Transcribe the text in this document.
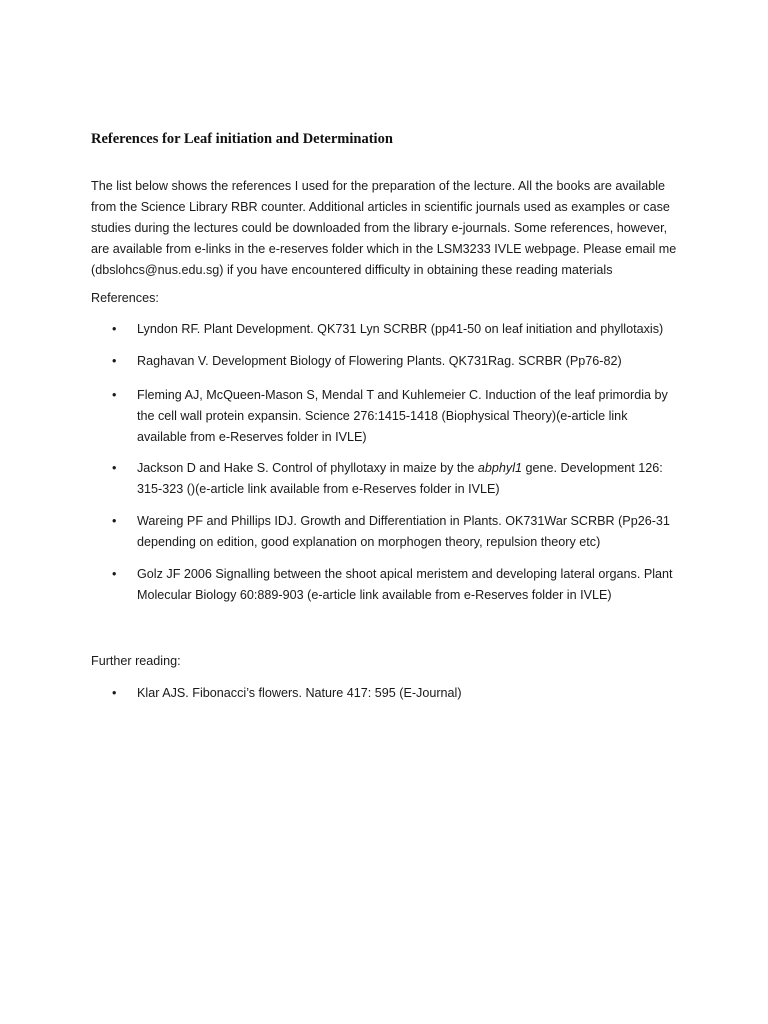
References for Leaf initiation and Determination
The list below shows the references I used for the preparation of the lecture. All the books are available
from the Science Library RBR counter. Additional articles in scientific journals used as examples or case
studies during the lectures could be downloaded from the library e-journals. Some references, however,
are available from e-links in the e-reserves folder which in the LSM3233 IVLE webpage. Please email me
(dbslohcs@nus.edu.sg) if you have encountered difficulty in obtaining these reading materials
References:
• Lyndon RF. Plant Development. QK731 Lyn SCRBR (pp41-50 on leaf initiation and phyllotaxis)
• Raghavan V. Development Biology of Flowering Plants. QK731Rag. SCRBR (Pp76-82)
• Fleming AJ, McQueen-Mason S, Mendal T and Kuhlemeier C. Induction of the leaf primordia by
the cell wall protein expansin. Science 276:1415-1418 (Biophysical Theory)(e-article link
available from e-Reserves folder in IVLE)
• Jackson D and Hake S. Control of phyllotaxy in maize by the abphyl1 gene. Development 126:
315-323 ()(e-article link available from e-Reserves folder in IVLE)
• Wareing PF and Phillips IDJ. Growth and Differentiation in Plants. OK731War SCRBR (Pp26-31
depending on edition, good explanation on morphogen theory, repulsion theory etc)
• Golz JF 2006 Signalling between the shoot apical meristem and developing lateral organs. Plant
Molecular Biology 60:889-903 (e-article link available from e-Reserves folder in IVLE)
Further reading:
• Klar AJS. Fibonacci’s flowers. Nature 417: 595 (E-Journal)
